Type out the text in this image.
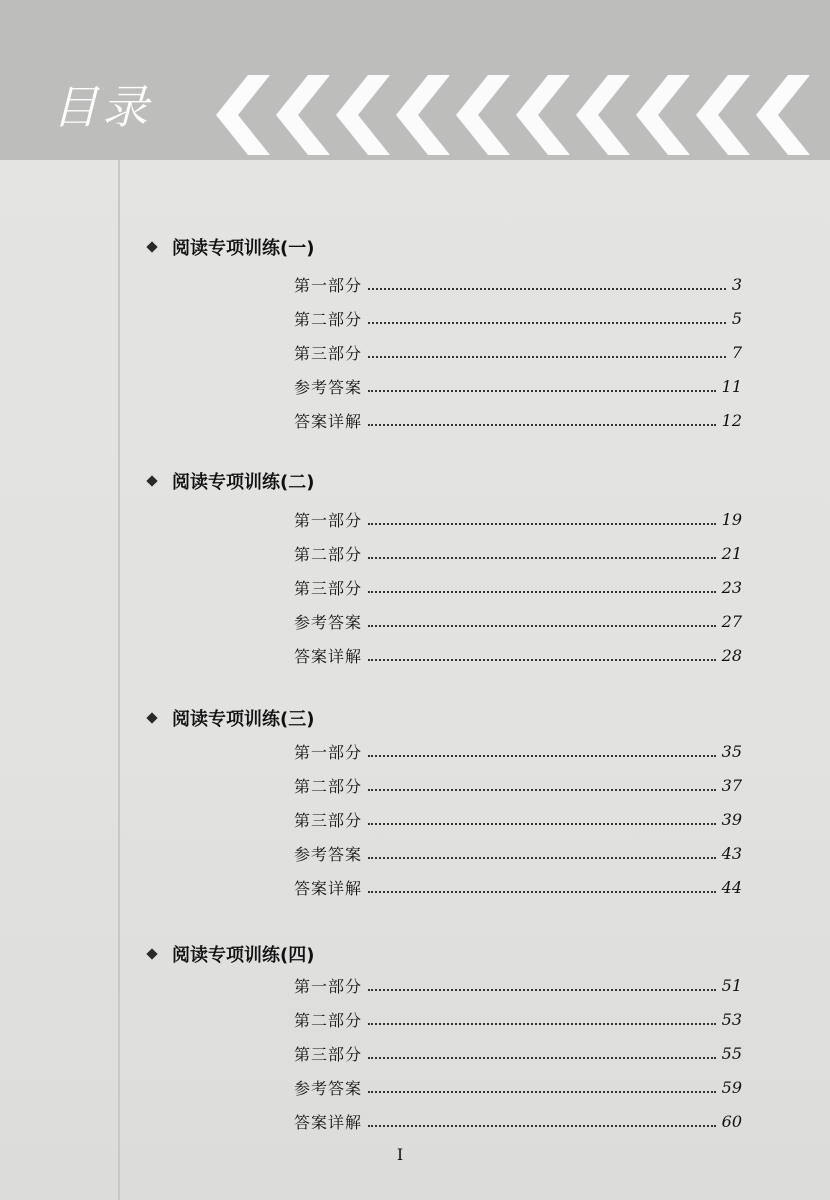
目录
阅读专项训练(一)
第一部分	3
第二部分	5
第三部分	7
参考答案	11
答案详解	12
阅读专项训练(二)
第一部分	19
第二部分	21
第三部分	23
参考答案	27
答案详解	28
阅读专项训练(三)
第一部分	35
第二部分	37
第三部分	39
参考答案	43
答案详解	44
阅读专项训练(四)
第一部分	51
第二部分	53
第三部分	55
参考答案	59
答案详解	60
I
